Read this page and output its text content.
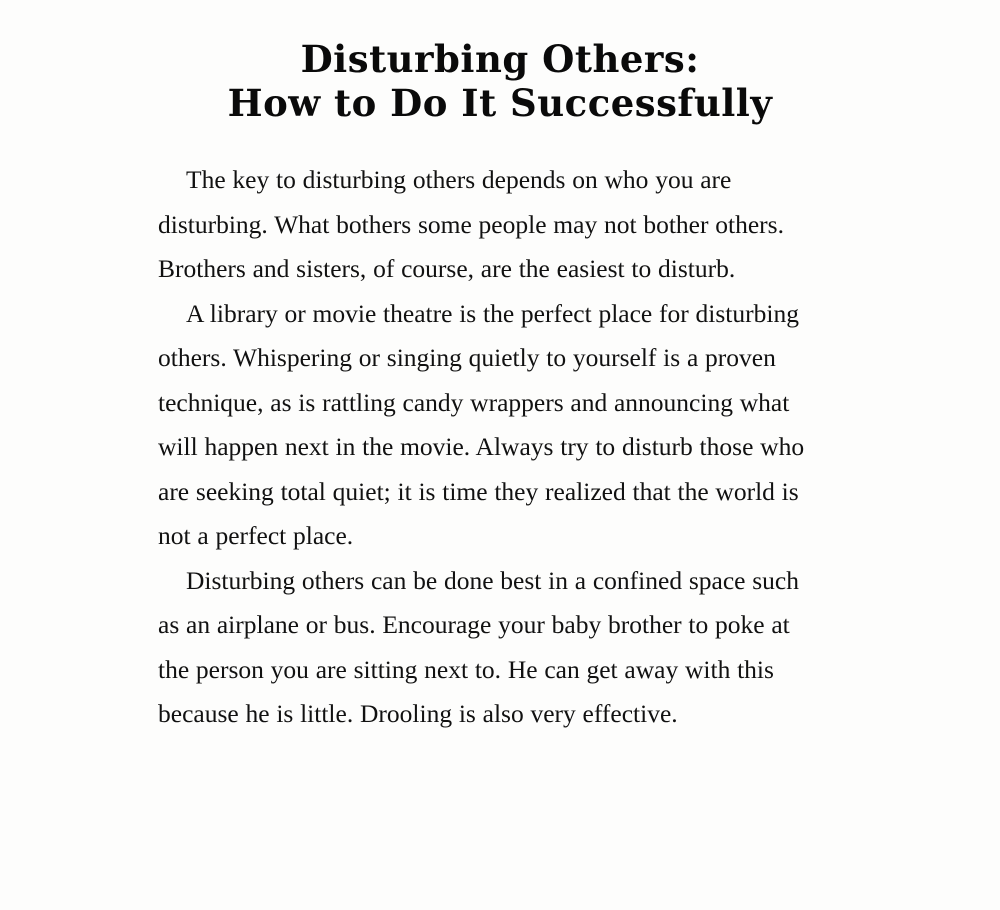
Disturbing Others:
How to Do It Successfully

The key to disturbing others depends on who you are disturbing. What bothers some people may not bother others. Brothers and sisters, of course, are the easiest to disturb.

A library or movie theatre is the perfect place for disturbing others. Whispering or singing quietly to yourself is a proven technique, as is rattling candy wrappers and announcing what will happen next in the movie. Always try to disturb those who are seeking total quiet; it is time they realized that the world is not a perfect place.

Disturbing others can be done best in a confined space such as an airplane or bus. Encourage your baby brother to poke at the person you are sitting next to. He can get away with this because he is little. Drooling is also very effective.
